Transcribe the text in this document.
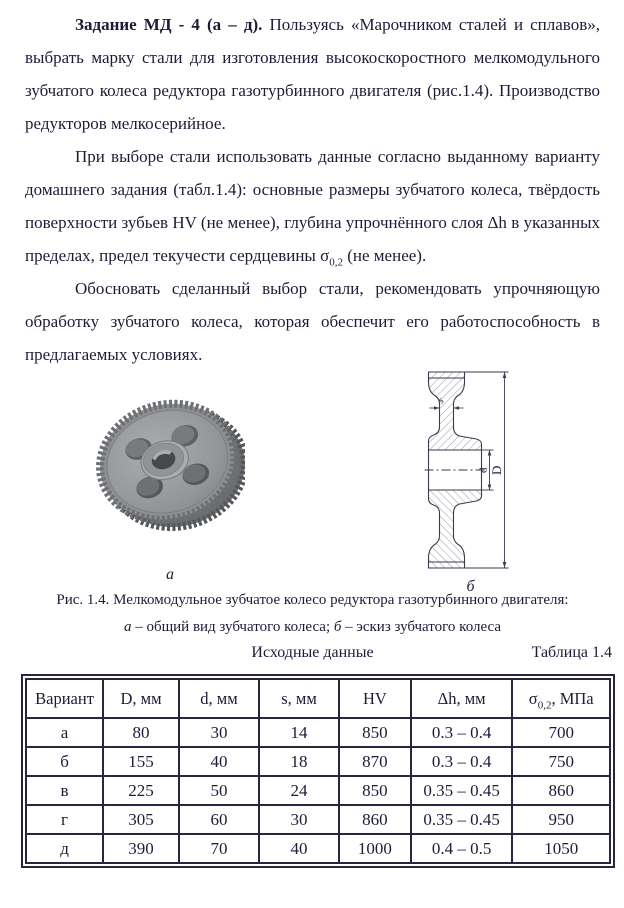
Задание МД - 4 (а – д). Пользуясь «Марочником сталей и сплавов», выбрать марку стали для изготовления высокоскоростного мелкомодульного зубчатого колеса редуктора газотурбинного двигателя (рис.1.4). Производство редукторов мелкосерийное.

При выборе стали использовать данные согласно выданному варианту домашнего задания (табл.1.4): основные размеры зубчатого колеса, твёрдость поверхности зубьев HV (не менее), глубина упрочнённого слоя Δh в указанных пределах, предел текучести сердцевины $\sigma_{0,2}$ (не менее).

Обосновать сделанный выбор стали, рекомендовать упрочняющую обработку зубчатого колеса, которая обеспечит его работоспособность в предлагаемых условиях.

а
s
d D
б
Рис. 1.4. Мелкомодульное зубчатое колесо редуктора газотурбинного двигателя:
а – общий вид зубчатого колеса; б – эскиз зубчатого колеса
Исходные данные	Таблица 1.4
Вариант	D, мм	d, мм	s, мм	HV	Δh, мм	$\sigma_{0,2}$, МПа
а	80	30	14	850	0.3 – 0.4	700
б	155	40	18	870	0.3 – 0.4	750
в	225	50	24	850	0.35 – 0.45	860
г	305	60	30	860	0.35 – 0.45	950
д	390	70	40	1000	0.4 – 0.5	1050
